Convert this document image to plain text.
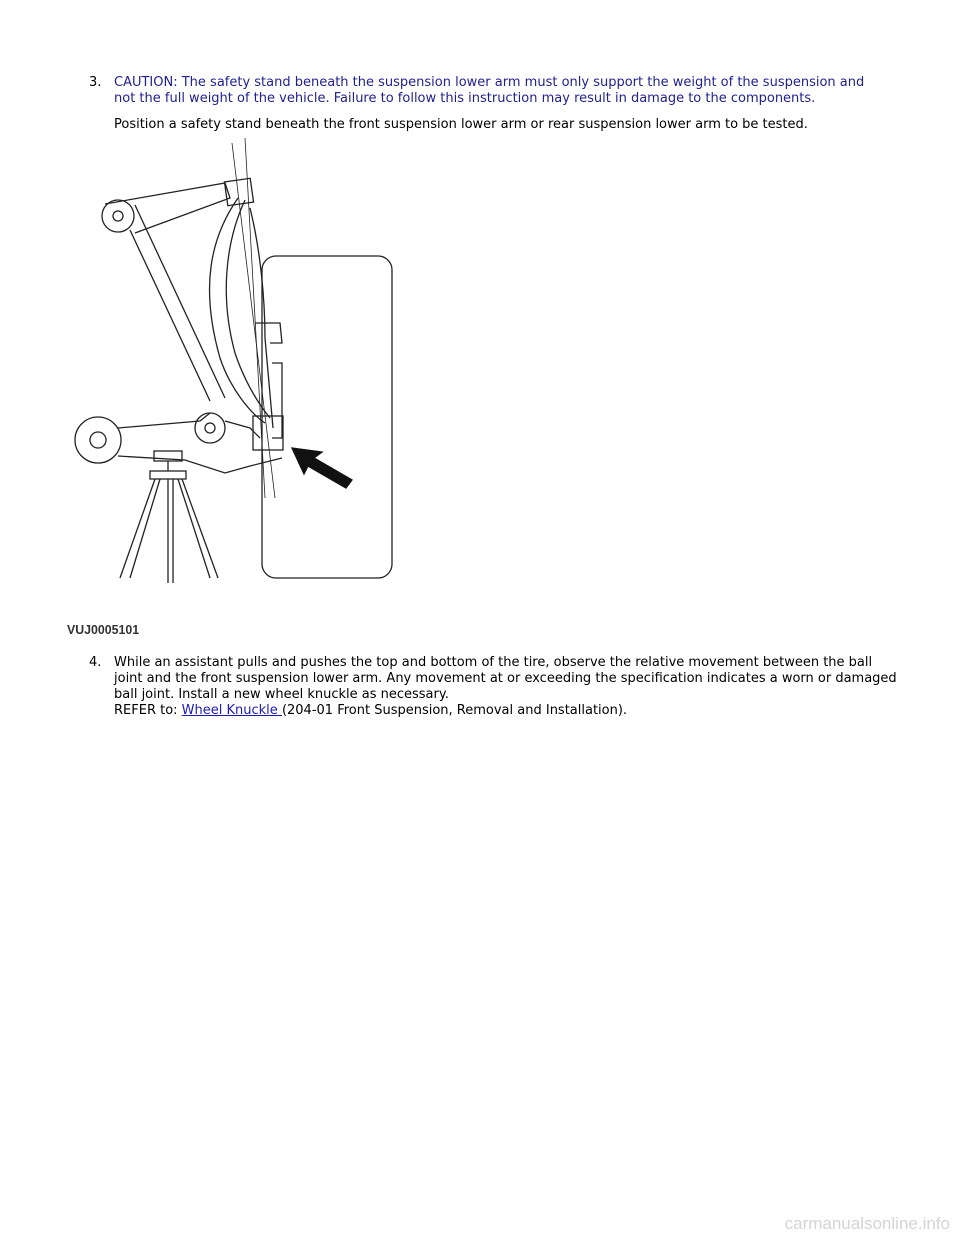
3. CAUTION: The safety stand beneath the suspension lower arm must only support the weight of the suspension and
not the full weight of the vehicle. Failure to follow this instruction may result in damage to the components.
Position a safety stand beneath the front suspension lower arm or rear suspension lower arm to be tested.
VUJ0005101
4. While an assistant pulls and pushes the top and bottom of the tire, observe the relative movement between the ball
joint and the front suspension lower arm. Any movement at or exceeding the specification indicates a worn or damaged
ball joint. Install a new wheel knuckle as necessary.
REFER to: Wheel Knuckle (204-01 Front Suspension, Removal and Installation).
carmanualsonline.info
